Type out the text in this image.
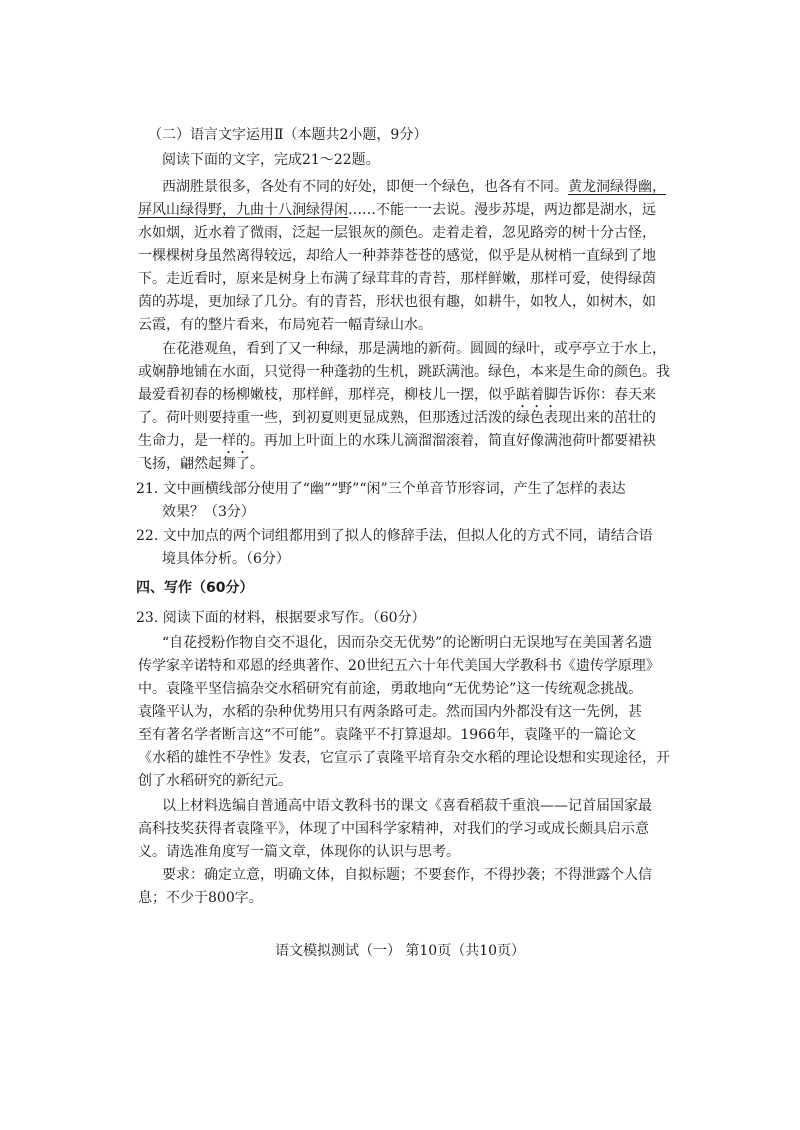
（二）语言文字运用Ⅱ（本题共2小题，9分）
阅读下面的文字，完成21～22题。
西湖胜景很多，各处有不同的好处，即便一个绿色，也各有不同。黄龙洞绿得幽，
屏风山绿得野，九曲十八涧绿得闲……不能一一去说。漫步苏堤，两边都是湖水，远
水如烟，近水着了微雨，泛起一层银灰的颜色。走着走着，忽见路旁的树十分古怪，
一棵棵树身虽然离得较远，却给人一种莽莽苍苍的感觉，似乎是从树梢一直绿到了地
下。走近看时，原来是树身上布满了绿茸茸的青苔，那样鲜嫩，那样可爱，使得绿茵
茵的苏堤，更加绿了几分。有的青苔，形状也很有趣，如耕牛，如牧人，如树木，如
云霞，有的整片看来，布局宛若一幅青绿山水。
在花港观鱼，看到了又一种绿，那是满地的新荷。圆圆的绿叶，或亭亭立于水上，
或娴静地铺在水面，只觉得一种蓬勃的生机，跳跃满池。绿色，本来是生命的颜色。我
最爱看初春的杨柳嫩枝，那样鲜，那样亮，柳枝儿一摆，似乎踮着脚告诉你：春天来
了。荷叶则要持重一些，到初夏则更显成熟，但那透过活泼的绿色表现出来的茁壮的
生命力，是一样的。再加上叶面上的水珠儿滴溜溜滚着，简直好像满池荷叶都要裙袂
飞扬，翩然起舞了。
21. 文中画横线部分使用了“幽”“野”“闲”三个单音节形容词，产生了怎样的表达
效果？（3分）
22. 文中加点的两个词组都用到了拟人的修辞手法，但拟人化的方式不同，请结合语
境具体分析。（6分）
四、写作（60分）
23. 阅读下面的材料，根据要求写作。（60分）
“自花授粉作物自交不退化，因而杂交无优势”的论断明白无误地写在美国著名遗
传学家辛诺特和邓恩的经典著作、20世纪五六十年代美国大学教科书《遗传学原理》
中。袁隆平坚信搞杂交水稻研究有前途，勇敢地向“无优势论”这一传统观念挑战。
袁隆平认为，水稻的杂种优势用只有两条路可走。然而国内外都没有这一先例，甚
至有著名学者断言这“不可能”。袁隆平不打算退却。1966年，袁隆平的一篇论文
《水稻的雄性不孕性》发表，它宣示了袁隆平培育杂交水稻的理论设想和实现途径，开
创了水稻研究的新纪元。
以上材料选编自普通高中语文教科书的课文《喜看稻菽千重浪——记首届国家最
高科技奖获得者袁隆平》，体现了中国科学家精神，对我们的学习或成长颇具启示意
义。请选准角度写一篇文章，体现你的认识与思考。
要求：确定立意，明确文体，自拟标题；不要套作，不得抄袭；不得泄露个人信
息；不少于800字。
语文模拟测试（一） 第10页（共10页）
